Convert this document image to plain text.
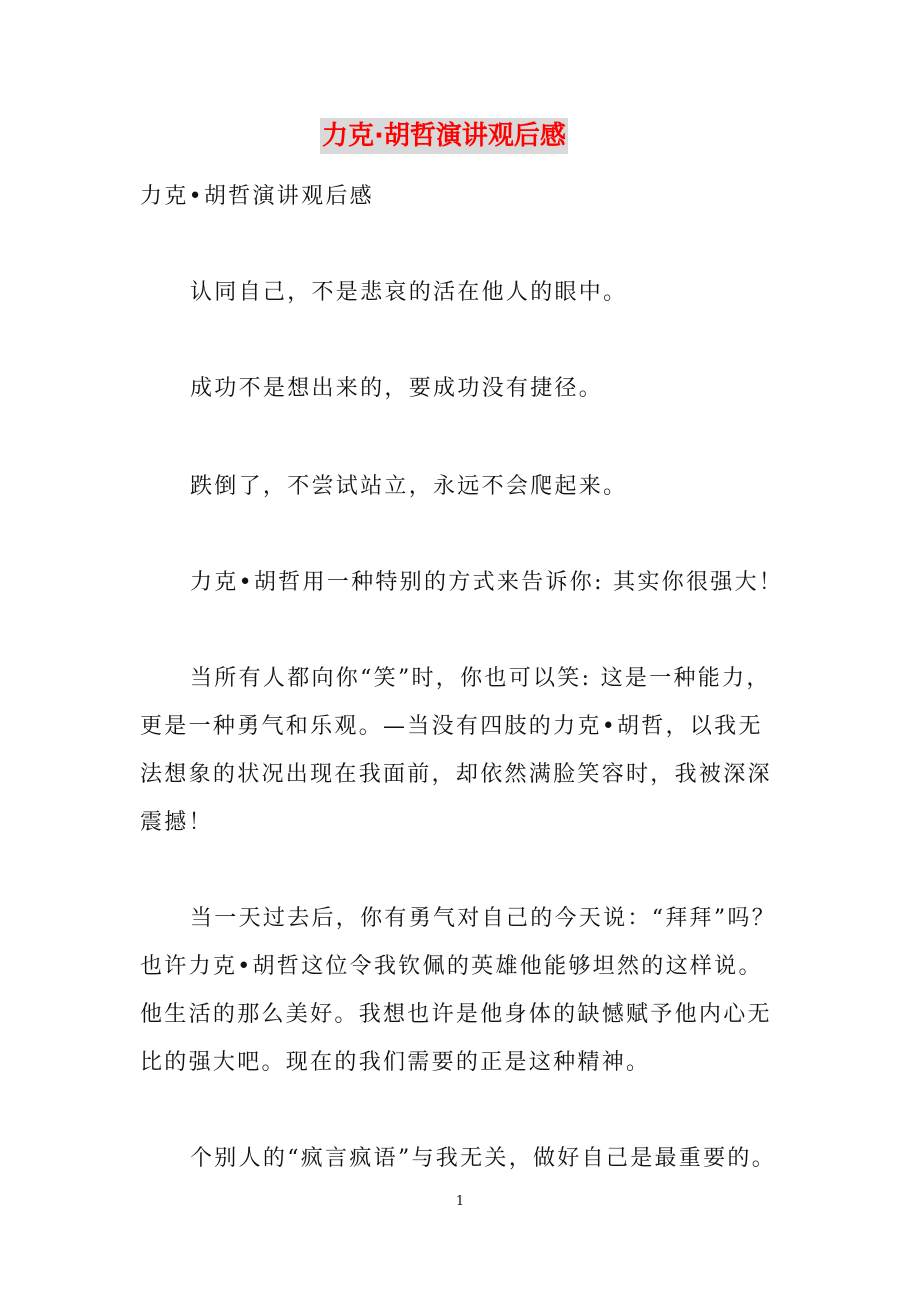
力克·胡哲演讲观后感
力克•胡哲演讲观后感
认同自己，不是悲哀的活在他人的眼中。
成功不是想出来的，要成功没有捷径。
跌倒了，不尝试站立，永远不会爬起来。
力克•胡哲用一种特别的方式来告诉你: 其实你很强大！
当所有人都向你“笑”时，你也可以笑: 这是一种能力，
更是一种勇气和乐观。—当没有四肢的力克•胡哲，以我无
法想象的状况出现在我面前，却依然满脸笑容时，我被深深
震撼！
当一天过去后，你有勇气对自己的今天说：“拜拜”吗？
也许力克•胡哲这位令我钦佩的英雄他能够坦然的这样说。
他生活的那么美好。我想也许是他身体的缺憾赋予他内心无
比的强大吧。现在的我们需要的正是这种精神。
个别人的“疯言疯语”与我无关，做好自己是最重要的。
1
